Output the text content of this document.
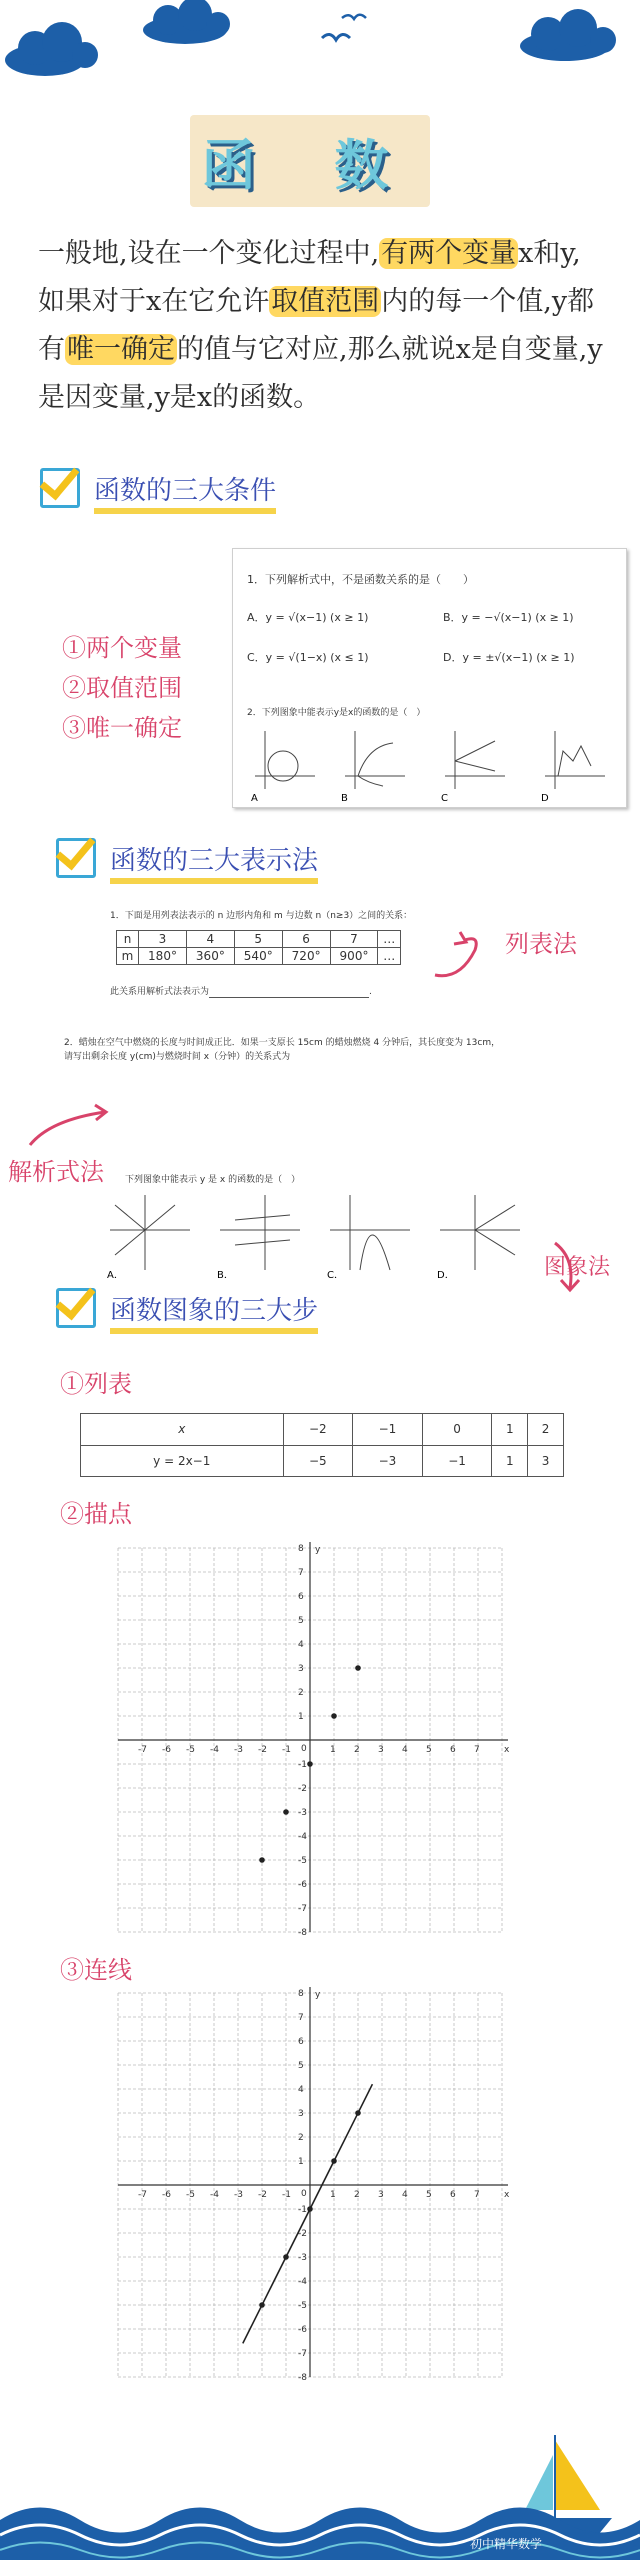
函 数
一般地,设在一个变化过程中,有两个变量x和y,如果对于x在它允许取值范围内的每一个值,y都有唯一确定的值与它对应,那么就说x是自变量,y是因变量,y是x的函数。
函数的三大条件
①两个变量
②取值范围
③唯一确定
1．下列解析式中，不是函数关系的是（　　）
A．y = √(x−1) (x ≥ 1)	B．y = −√(x−1) (x ≥ 1)
C．y = √(1−x) (x ≤ 1)	D．y = ±√(x−1) (x ≥ 1)
2．下列图象中能表示y是x的函数的是（　）
A	B	C	D
函数的三大表示法
1．下面是用列表法表示的 n 边形内角和 m 与边数 n（n≥3）之间的关系：
n	3	4	5	6	7	…
m	180°	360°	540°	720°	900°	…
此关系用解析式法表示为	.
列表法
2．蜡烛在空气中燃烧的长度与时间成正比．如果一支原长 15cm 的蜡烛燃烧 4 分钟后，其长度变为 13cm，请写出剩余长度 y(cm)与燃烧时间 x（分钟）的关系式为
解析式法 下列图象中能表示 y 是 x 的函数的是（　）
A．	B．	C．	D．	图象法
函数图象的三大步
①列表
x	−2	−1	0	1	2
y = 2x−1	−5	−3	−1	1	3
②描点
x
y
0
-7 -6 -5 -4 -3 -2 -1	1 2 3 4 5 6 7
8
7
6
5
4
3
2
1
-1
-2
-3
-4
-5
-6
-7
-8
③连线
x
y
0
-7 -6 -5 -4 -3 -2 -1	1 2 3 4 5 6 7
8
7
6
5
4
3
2
1
-1
-2
-3
-4
-5
-6
-7
-8
初中精华数学
